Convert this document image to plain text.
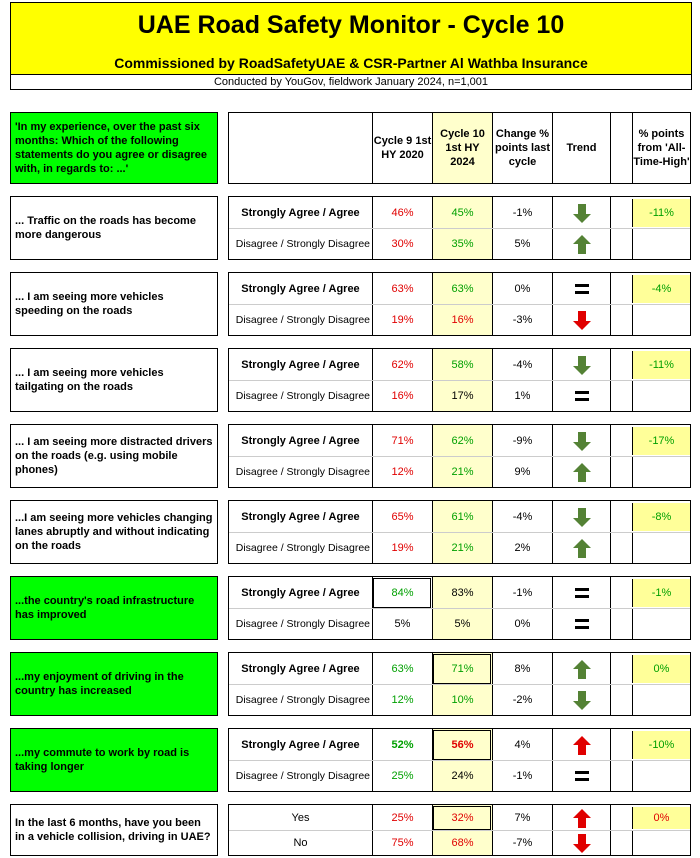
UAE Road Safety Monitor - Cycle 10
Commissioned by RoadSafetyUAE & CSR-Partner Al Wathba Insurance
Conducted by YouGov, fieldwork January 2024, n=1,001
'In my experience, over the past six months: Which of the following statements do you agree or disagree with, in regards to: ...'
Cycle 9 1st HY 2020
Cycle 10 1st HY 2024
Change % points last cycle
Trend
% points from 'All-Time-High'
... Traffic on the roads has become more dangerous
Strongly Agree / Agree	46%	45%	-1%	-11%
Disagree / Strongly Disagree	30%	35%	5%
... I am seeing more vehicles speeding on the roads
Strongly Agree / Agree	63%	63%	0%	-4%
Disagree / Strongly Disagree	19%	16%	-3%
... I am seeing more vehicles tailgating on the roads
Strongly Agree / Agree	62%	58%	-4%	-11%
Disagree / Strongly Disagree	16%	17%	1%
... I am seeing more distracted drivers on the roads (e.g. using mobile phones)
Strongly Agree / Agree	71%	62%	-9%	-17%
Disagree / Strongly Disagree	12%	21%	9%
...I am seeing more vehicles changing lanes abruptly and without indicating on the roads
Strongly Agree / Agree	65%	61%	-4%	-8%
Disagree / Strongly Disagree	19%	21%	2%
...the country's road infrastructure has improved
Strongly Agree / Agree	84%	83%	-1%	-1%
Disagree / Strongly Disagree	5%	5%	0%
...my enjoyment of driving in the country has increased
Strongly Agree / Agree	63%	71%	8%	0%
Disagree / Strongly Disagree	12%	10%	-2%
...my commute to work by road is taking longer
Strongly Agree / Agree	52%	56%	4%	-10%
Disagree / Strongly Disagree	25%	24%	-1%
In the last 6 months, have you been in a vehicle collision, driving in UAE?
Yes	25%	32%	7%	0%
No	75%	68%	-7%
